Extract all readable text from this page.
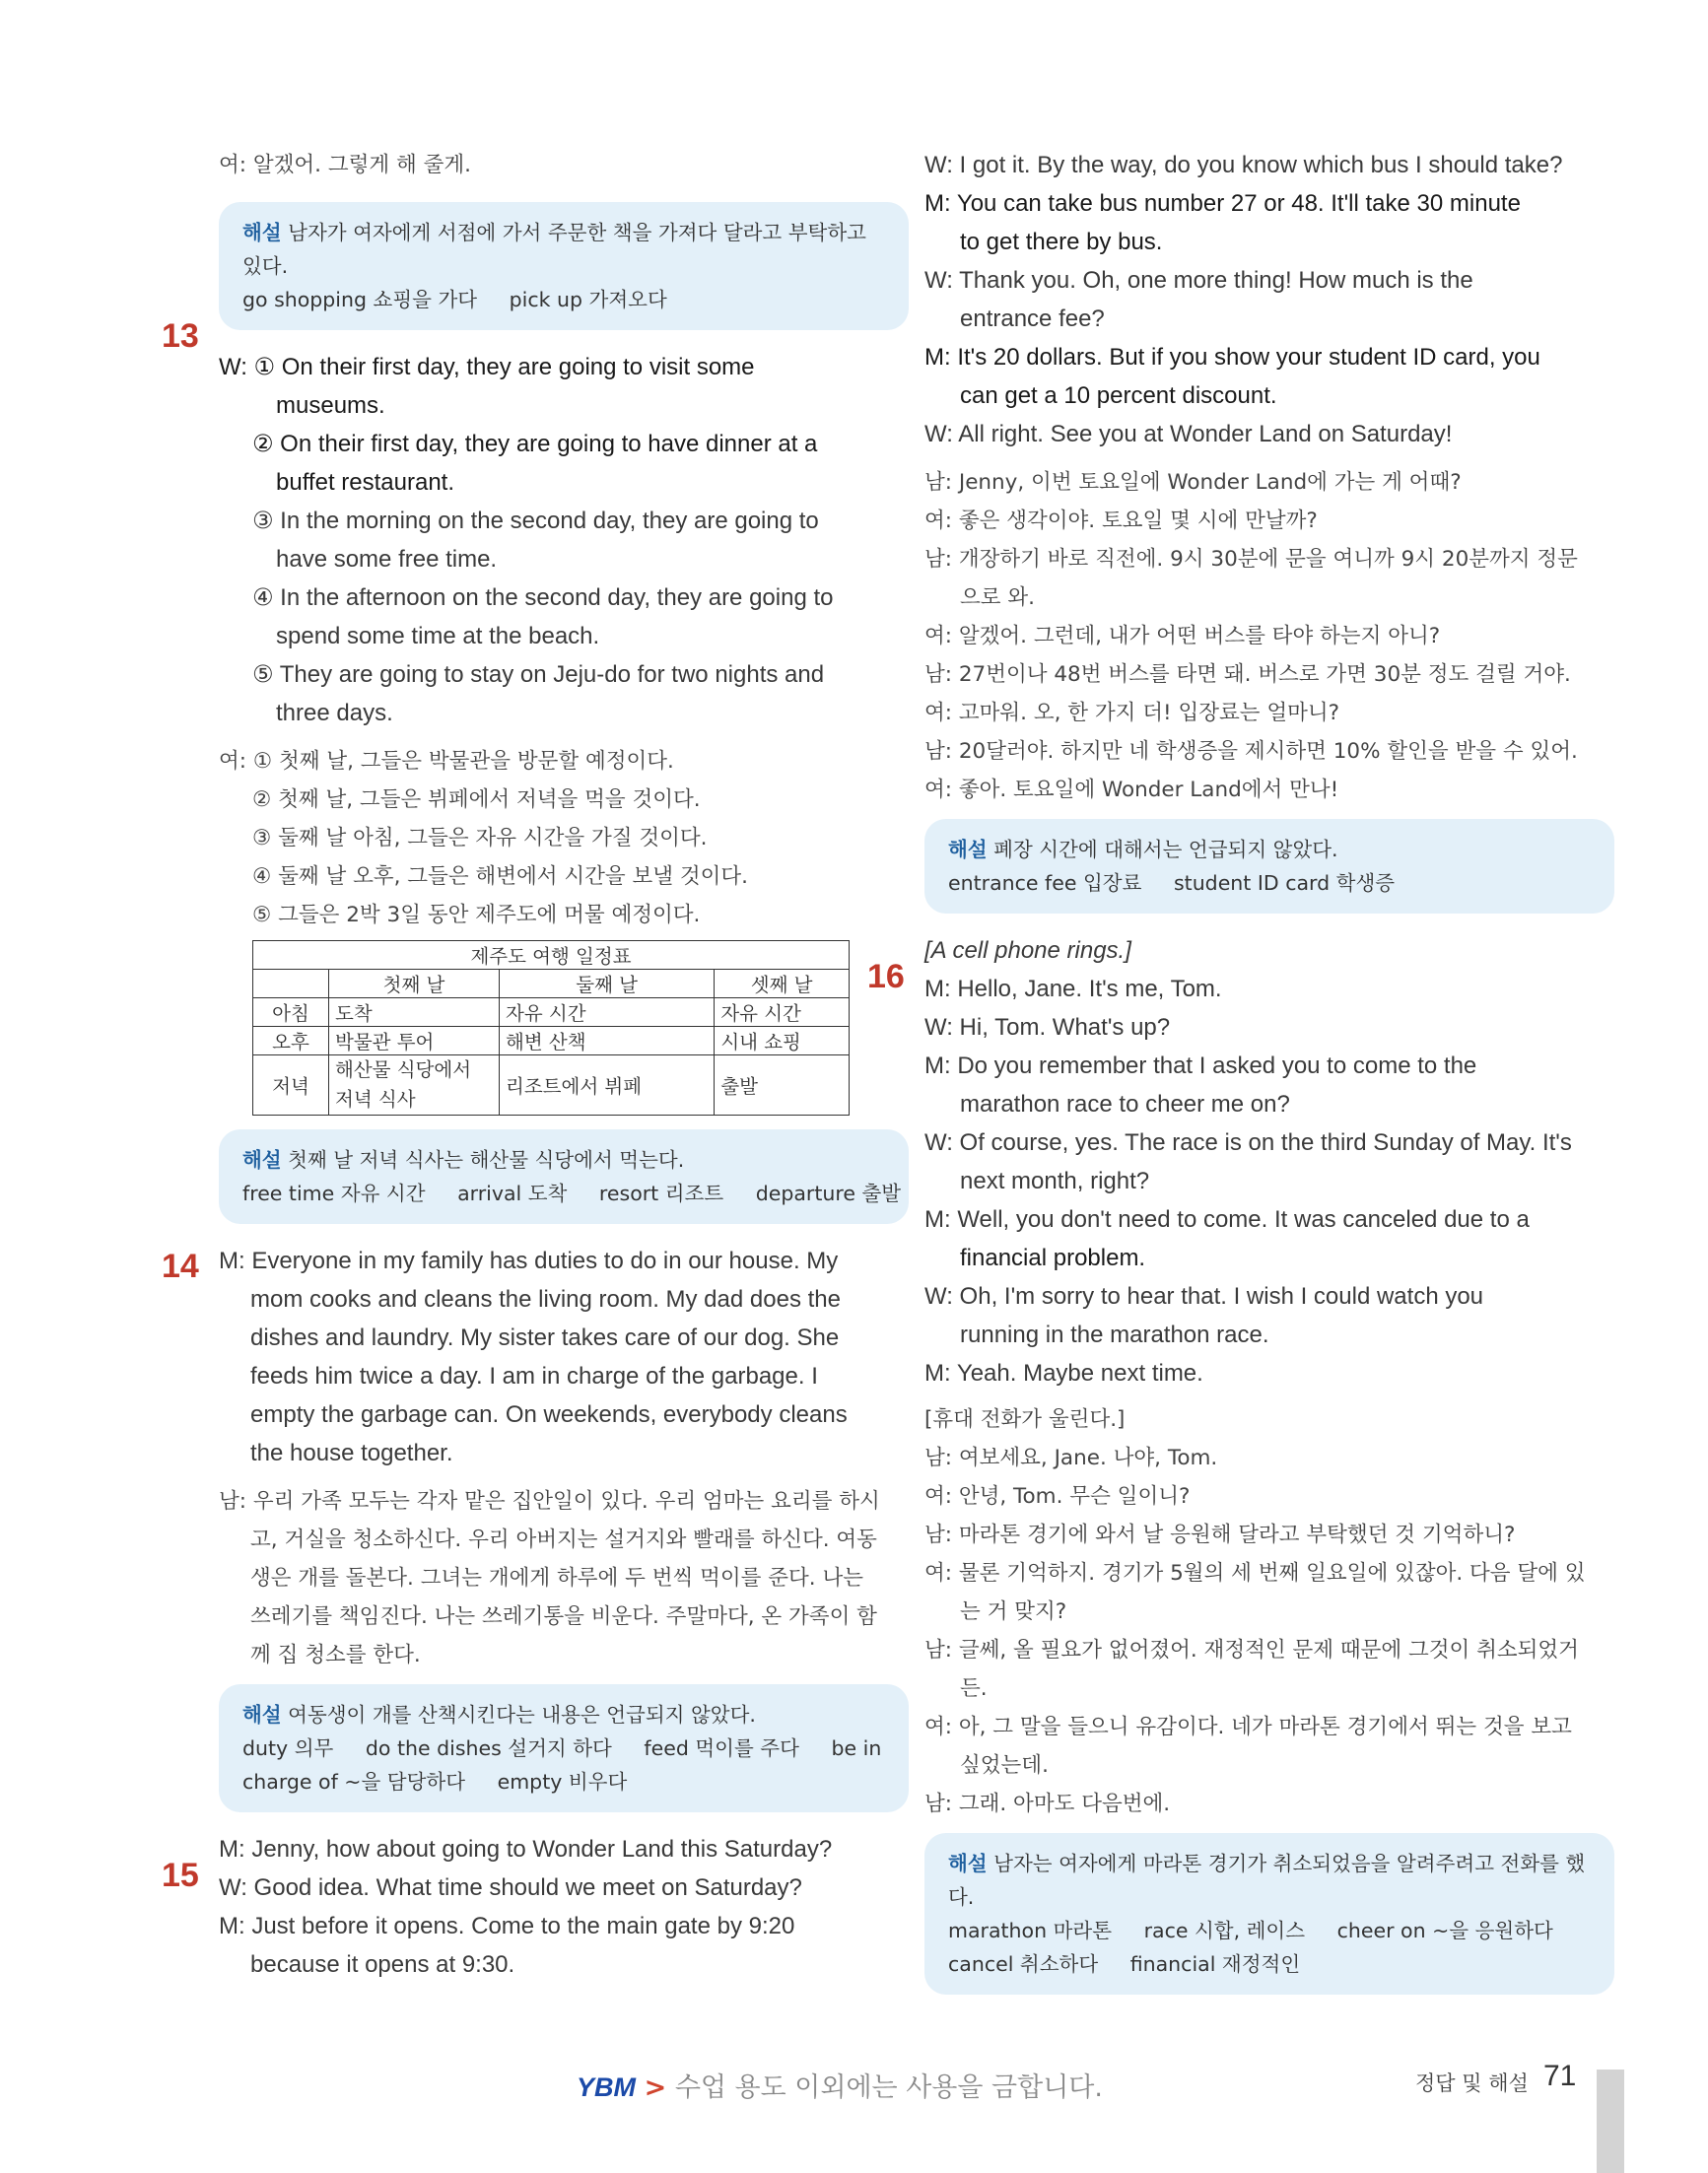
여: 알겠어. 그렇게 해 줄게.
해설 남자가 여자에게 서점에 가서 주문한 책을 가져다 달라고 부탁하고 있다.
go shopping 쇼핑을 가다     pick up 가져오다
W: ① On their first day, they are going to visit some
museums.
② On their first day, they are going to have dinner at a
buffet restaurant.
③ In the morning on the second day, they are going to
have some free time.
④ In the afternoon on the second day, they are going to
spend some time at the beach.
⑤ They are going to stay on Jeju-do for two nights and
three days.
여: ① 첫째 날, 그들은 박물관을 방문할 예정이다.
② 첫째 날, 그들은 뷔페에서 저녁을 먹을 것이다.
③ 둘째 날 아침, 그들은 자유 시간을 가질 것이다.
④ 둘째 날 오후, 그들은 해변에서 시간을 보낼 것이다.
⑤ 그들은 2박 3일 동안 제주도에 머물 예정이다.
제주도 여행 일정표			
	첫째 날	둘째 날	셋째 날
아침	도착	자유 시간	자유 시간
오후	박물관 투어	해변 산책	시내 쇼핑
저녁	해산물 식당에서 저녁 식사	리조트에서 뷔페	출발
해설 첫째 날 저녁 식사는 해산물 식당에서 먹는다.
free time 자유 시간     arrival 도착     resort 리조트     departure 출발
M: Everyone in my family has duties to do in our house. My
mom cooks and cleans the living room. My dad does the
dishes and laundry. My sister takes care of our dog. She
feeds him twice a day. I am in charge of the garbage. I
empty the garbage can. On weekends, everybody cleans
the house together.
남: 우리 가족 모두는 각자 맡은 집안일이 있다. 우리 엄마는 요리를 하시
고, 거실을 청소하신다. 우리 아버지는 설거지와 빨래를 하신다. 여동
생은 개를 돌본다. 그녀는 개에게 하루에 두 번씩 먹이를 준다. 나는
쓰레기를 책임진다. 나는 쓰레기통을 비운다. 주말마다, 온 가족이 함
께 집 청소를 한다.
해설 여동생이 개를 산책시킨다는 내용은 언급되지 않았다.
duty 의무     do the dishes 설거지 하다     feed 먹이를 주다     be in
charge of ~을 담당하다     empty 비우다
M: Jenny, how about going to Wonder Land this Saturday?
W: Good idea. What time should we meet on Saturday?
M: Just before it opens. Come to the main gate by 9:20
because it opens at 9:30.
13
14
15
W: I got it. By the way, do you know which bus I should take?
M: You can take bus number 27 or 48. It'll take 30 minute
to get there by bus.
W: Thank you. Oh, one more thing! How much is the
entrance fee?
M: It's 20 dollars. But if you show your student ID card, you
can get a 10 percent discount.
W: All right. See you at Wonder Land on Saturday!
남: Jenny, 이번 토요일에 Wonder Land에 가는 게 어때?
여: 좋은 생각이야. 토요일 몇 시에 만날까?
남: 개장하기 바로 직전에. 9시 30분에 문을 여니까 9시 20분까지 정문
으로 와.
여: 알겠어. 그런데, 내가 어떤 버스를 타야 하는지 아니?
남: 27번이나 48번 버스를 타면 돼. 버스로 가면 30분 정도 걸릴 거야.
여: 고마워. 오, 한 가지 더! 입장료는 얼마니?
남: 20달러야. 하지만 네 학생증을 제시하면 10% 할인을 받을 수 있어.
여: 좋아. 토요일에 Wonder Land에서 만나!
해설 폐장 시간에 대해서는 언급되지 않았다.
entrance fee 입장료     student ID card 학생증
[A cell phone rings.]
M: Hello, Jane. It's me, Tom.
W: Hi, Tom. What's up?
M: Do you remember that I asked you to come to the
marathon race to cheer me on?
W: Of course, yes. The race is on the third Sunday of May. It's
next month, right?
M: Well, you don't need to come. It was canceled due to a
financial problem.
W: Oh, I'm sorry to hear that. I wish I could watch you
running in the marathon race.
M: Yeah. Maybe next time.
[휴대 전화가 울린다.]
남: 여보세요, Jane. 나야, Tom.
여: 안녕, Tom. 무슨 일이니?
남: 마라톤 경기에 와서 날 응원해 달라고 부탁했던 것 기억하니?
여: 물론 기억하지. 경기가 5월의 세 번째 일요일에 있잖아. 다음 달에 있
는 거 맞지?
남: 글쎄, 올 필요가 없어졌어. 재정적인 문제 때문에 그것이 취소되었거
든.
여: 아, 그 말을 들으니 유감이다. 네가 마라톤 경기에서 뛰는 것을 보고
싶었는데.
남: 그래. 아마도 다음번에.
해설 남자는 여자에게 마라톤 경기가 취소되었음을 알려주려고 전화를 했다.
marathon 마라톤     race 시합, 레이스     cheer on ~을 응원하다
cancel 취소하다     financial 재정적인
16
YBM > 수업 용도 이외에는 사용을 금합니다.	정답 및 해설 71
